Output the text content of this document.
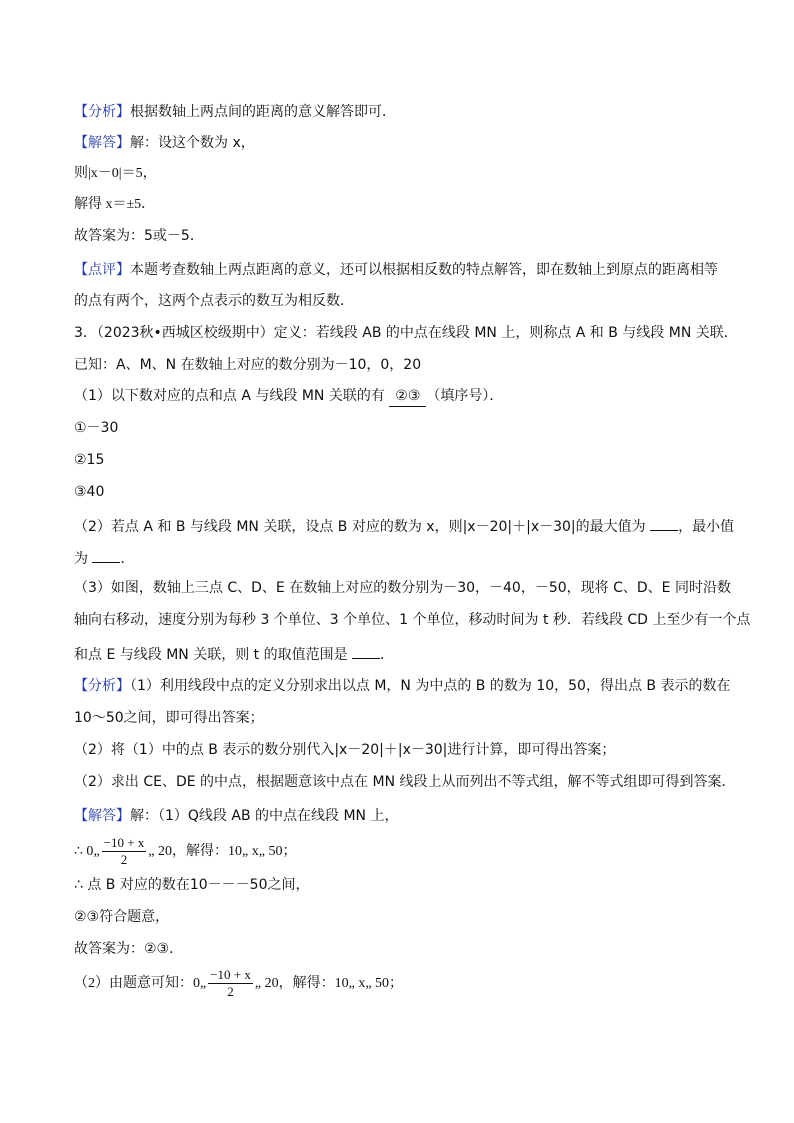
【分析】根据数轴上两点间的距离的意义解答即可．
【解答】解：设这个数为 x，
则|x－0|＝5，
解得 x＝±5．
故答案为：5或－5．
【点评】本题考查数轴上两点距离的意义，还可以根据相反数的特点解答，即在数轴上到原点的距离相等
的点有两个，这两个点表示的数互为相反数．
3．（2023秋•西城区校级期中）定义：若线段 AB 的中点在线段 MN 上，则称点 A 和 B 与线段 MN 关联．
已知：A、M、N 在数轴上对应的数分别为－10，0，20
（1）以下数对应的点和点 A 与线段 MN 关联的有 ②③ （填序号）．
①－30
②15
③40
（2）若点 A 和 B 与线段 MN 关联，设点 B 对应的数为 x，则|x－20|＋|x－30|的最大值为 ，最小值
为 ．
（3）如图，数轴上三点 C、D、E 在数轴上对应的数分别为－30，－40，－50，现将 C、D、E 同时沿数
轴向右移动，速度分别为每秒 3 个单位、3 个单位、1 个单位，移动时间为 t 秒．若线段 CD 上至少有一个点
和点 E 与线段 MN 关联，则 t 的取值范围是 ．
【分析】（1）利用线段中点的定义分别求出以点 M，N 为中点的 B 的数为 10，50，得出点 B 表示的数在
10～50之间，即可得出答案；
（2）将（1）中的点 B 表示的数分别代入|x－20|＋|x－30|进行计算，即可得出答案；
（2）求出 CE、DE 的中点，根据题意该中点在 MN 线段上从而列出不等式组，解不等式组即可得到答案．
【解答】解：（1）Q线段 AB 的中点在线段 MN 上，
∴ 0„ $\frac{-10 + x}{2}$ „ 20，解得：10„ x„ 50；
∴ 点 B 对应的数在10－－－50之间，
②③符合题意，
故答案为：②③．
（2）由题意可知：0„ $\frac{-10 + x}{2}$ „ 20，解得：10„ x„ 50；
